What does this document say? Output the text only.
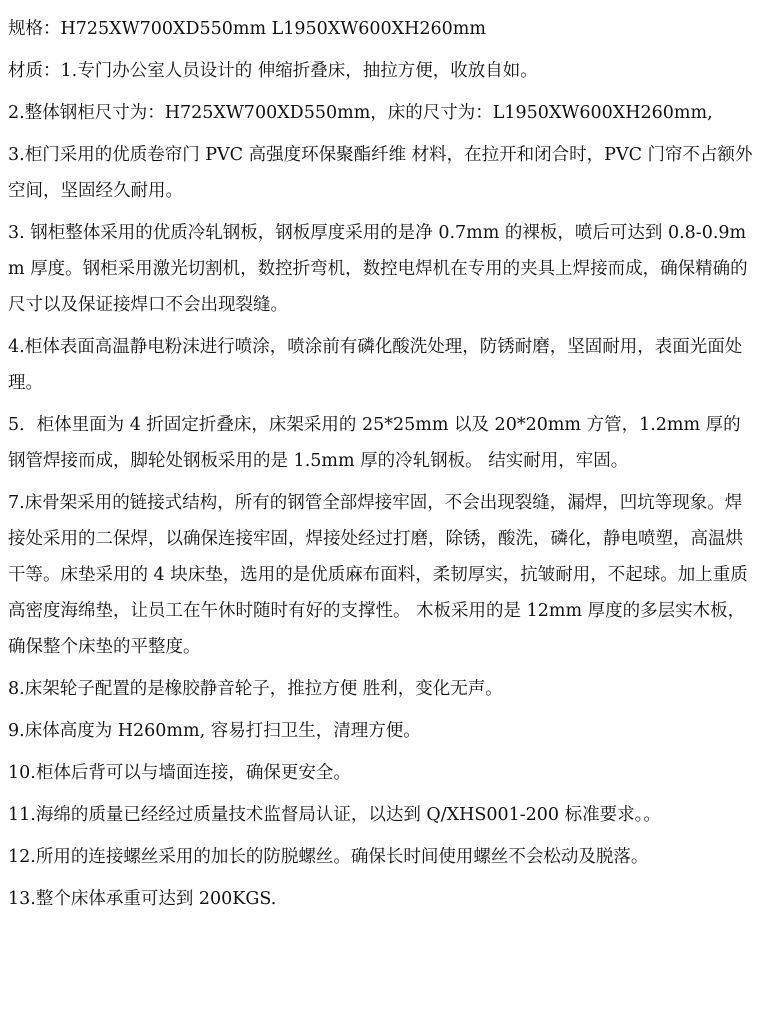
规格：H725XW700XD550mm L1950XW600XH260mm

材质：1.专门办公室人员设计的 伸缩折叠床，抽拉方便，收放自如。

2.整体钢柜尺寸为：H725XW700XD550mm，床的尺寸为：L1950XW600XH260mm,

3.柜门采用的优质卷帘门 PVC 高强度环保聚酯纤维 材料，在拉开和闭合时，PVC 门帘不占额外空间，坚固经久耐用。

3. 钢柜整体采用的优质冷轧钢板，钢板厚度采用的是净 0.7mm 的裸板，喷后可达到 0.8-0.9mm 厚度。钢柜采用激光切割机，数控折弯机，数控电焊机在专用的夹具上焊接而成，确保精确的尺寸以及保证接焊口不会出现裂缝。

4.柜体表面高温静电粉沫进行喷涂，喷涂前有磷化酸洗处理，防锈耐磨，坚固耐用，表面光面处理。

5．柜体里面为 4 折固定折叠床，床架采用的 25*25mm 以及 20*20mm 方管，1.2mm 厚的钢管焊接而成，脚轮处钢板采用的是 1.5mm 厚的冷轧钢板。 结实耐用，牢固。

7.床骨架采用的链接式结构，所有的钢管全部焊接牢固，不会出现裂缝，漏焊，凹坑等现象。焊接处采用的二保焊，以确保连接牢固，焊接处经过打磨，除锈，酸洗，磷化，静电喷塑，高温烘干等。床垫采用的 4 块床垫，选用的是优质麻布面料，柔韧厚实，抗皱耐用，不起球。加上重质高密度海绵垫，让员工在午休时随时有好的支撑性。 木板采用的是 12mm 厚度的多层实木板，确保整个床垫的平整度。

8.床架轮子配置的是橡胶静音轮子，推拉方便 胜利，变化无声。

9.床体高度为 H260mm, 容易打扫卫生，清理方便。

10.柜体后背可以与墙面连接，确保更安全。

11.海绵的质量已经经过质量技术监督局认证，以达到 Q/XHS001-200 标准要求。。

12.所用的连接螺丝采用的加长的防脱螺丝。确保长时间使用螺丝不会松动及脱落。

13.整个床体承重可达到 200KGS.
